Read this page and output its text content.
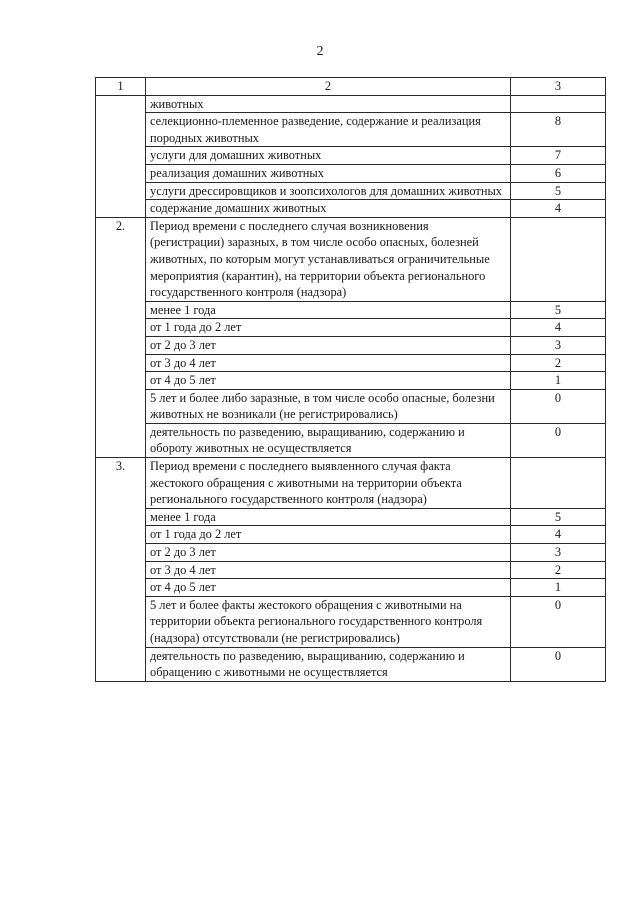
2
1	2	3
	животных	
	селекционно-племенное разведение, содержание и реализация породных животных	8
	услуги для домашних животных	7
	реализация домашних животных	6
	услуги дрессировщиков и зоопсихологов для домашних животных	5
	содержание домашних животных	4
2.	Период времени с последнего случая возникновения (регистрации) заразных, в том числе особо опасных, болезней животных, по которым могут устанавливаться ограничительные мероприятия (карантин), на территории объекта регионального государственного контроля (надзора)	
	менее 1 года	5
	от 1 года до 2 лет	4
	от 2 до 3 лет	3
	от 3 до 4 лет	2
	от 4 до 5 лет	1
	5 лет и более либо заразные, в том числе особо опасные, болезни животных не возникали (не регистрировались)	0
	деятельность по разведению, выращиванию, содержанию и обороту животных не осуществляется	0
3.	Период времени с последнего выявленного случая факта жестокого обращения с животными на территории объекта регионального государственного контроля (надзора)	
	менее 1 года	5
	от 1 года до 2 лет	4
	от 2 до 3 лет	3
	от 3 до 4 лет	2
	от 4 до 5 лет	1
	5 лет и более факты жестокого обращения с животными на территории объекта регионального государственного контроля (надзора) отсутствовали (не регистрировались)	0
	деятельность по разведению, выращиванию, содержанию и обращению с животными не осуществляется	0
